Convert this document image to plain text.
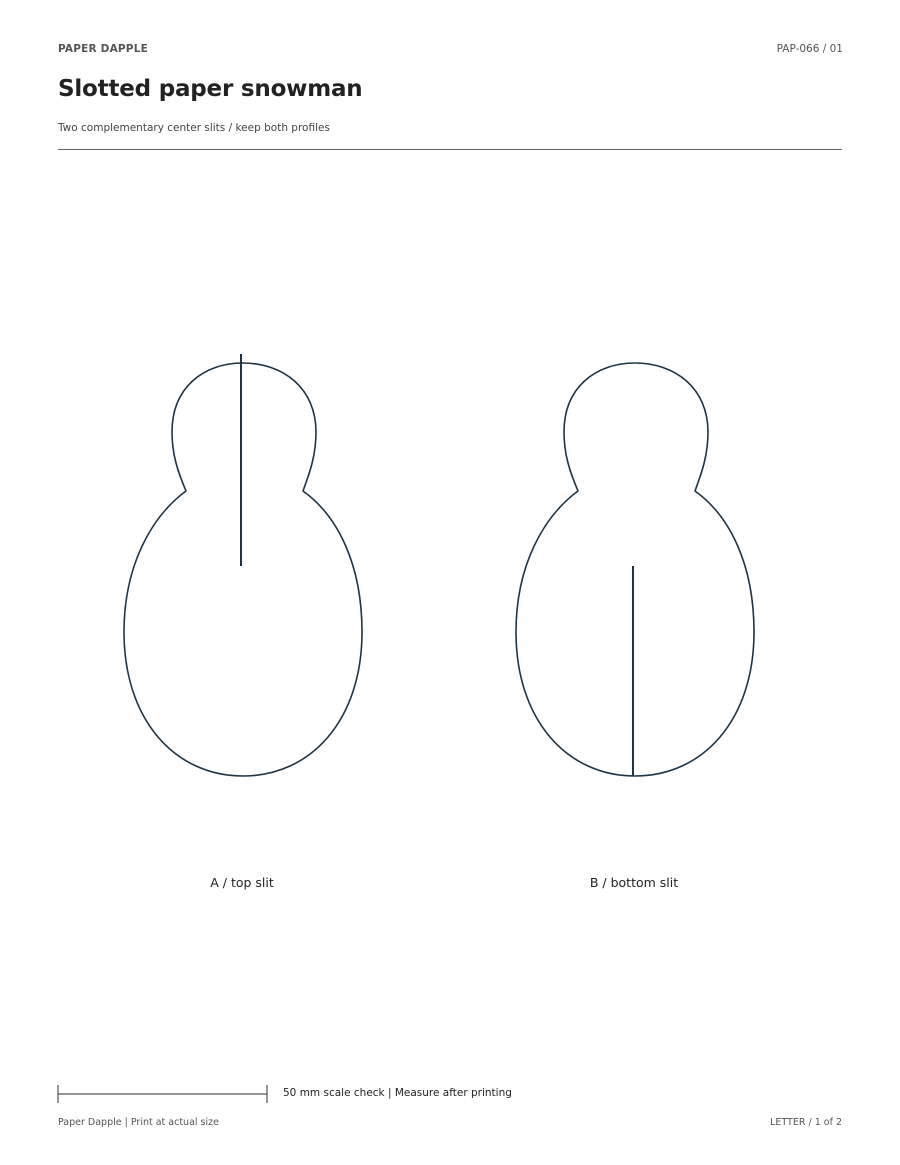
PAPER DAPPLE	PAP-066 / 01
Slotted paper snowman
Two complementary center slits / keep both profiles
A / top slit	B / bottom slit
50 mm scale check | Measure after printing
Paper Dapple | Print at actual size	LETTER / 1 of 2
